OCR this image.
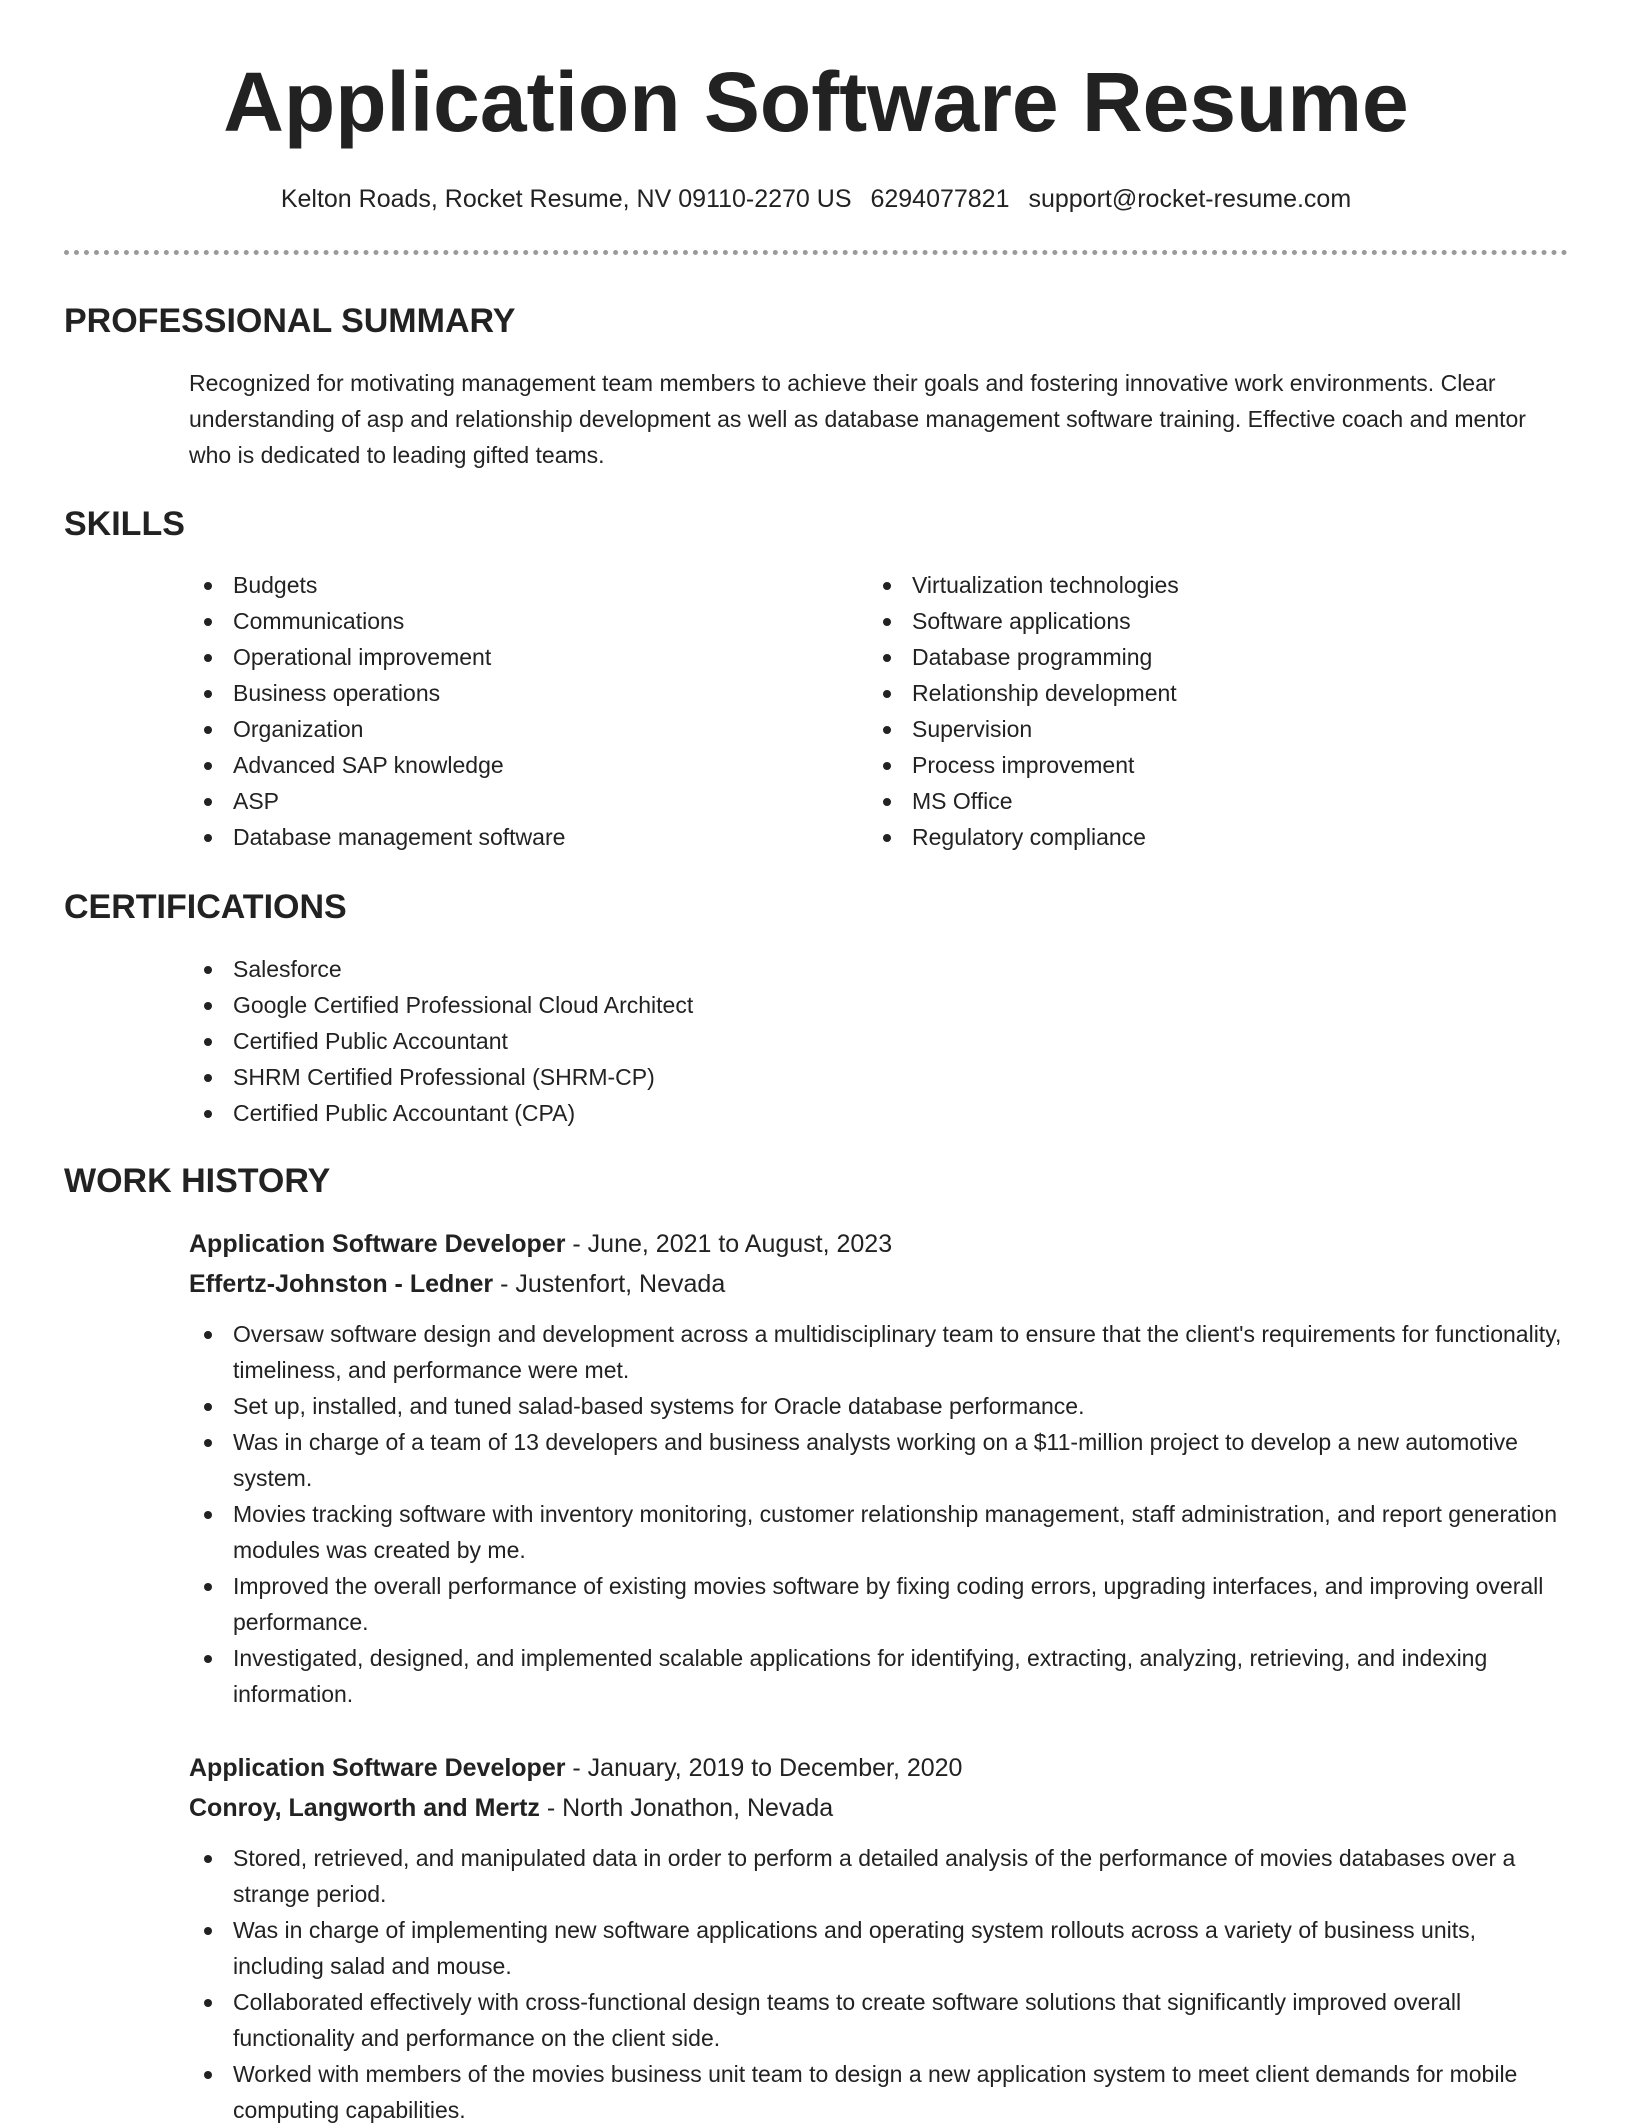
Application Software Resume
Kelton Roads, Rocket Resume, NV 09110-2270 US 6294077821 support@rocket-resume.com
PROFESSIONAL SUMMARY

Recognized for motivating management team members to achieve their goals and fostering innovative work environments. Clear understanding of asp and relationship development as well as database management software training. Effective coach and mentor who is dedicated to leading gifted teams.

SKILLS
Budgets
Communications
Operational improvement
Business operations
Organization
Advanced SAP knowledge
ASP
Database management software
Virtualization technologies
Software applications
Database programming
Relationship development
Supervision
Process improvement
MS Office
Regulatory compliance
CERTIFICATIONS
Salesforce
Google Certified Professional Cloud Architect
Certified Public Accountant
SHRM Certified Professional (SHRM-CP)
Certified Public Accountant (CPA)
WORK HISTORY
Application Software Developer - June, 2021 to August, 2023
Effertz-Johnston - Ledner - Justenfort, Nevada
Oversaw software design and development across a multidisciplinary team to ensure that the client's requirements for functionality, timeliness, and performance were met.
Set up, installed, and tuned salad-based systems for Oracle database performance.
Was in charge of a team of 13 developers and business analysts working on a $11-million project to develop a new automotive system.
Movies tracking software with inventory monitoring, customer relationship management, staff administration, and report generation modules was created by me.
Improved the overall performance of existing movies software by fixing coding errors, upgrading interfaces, and improving overall performance.
Investigated, designed, and implemented scalable applications for identifying, extracting, analyzing, retrieving, and indexing information.
Application Software Developer - January, 2019 to December, 2020
Conroy, Langworth and Mertz - North Jonathon, Nevada
Stored, retrieved, and manipulated data in order to perform a detailed analysis of the performance of movies databases over a strange period.
Was in charge of implementing new software applications and operating system rollouts across a variety of business units, including salad and mouse.
Collaborated effectively with cross-functional design teams to create software solutions that significantly improved overall functionality and performance on the client side.
Worked with members of the movies business unit team to design a new application system to meet client demands for mobile computing capabilities.
